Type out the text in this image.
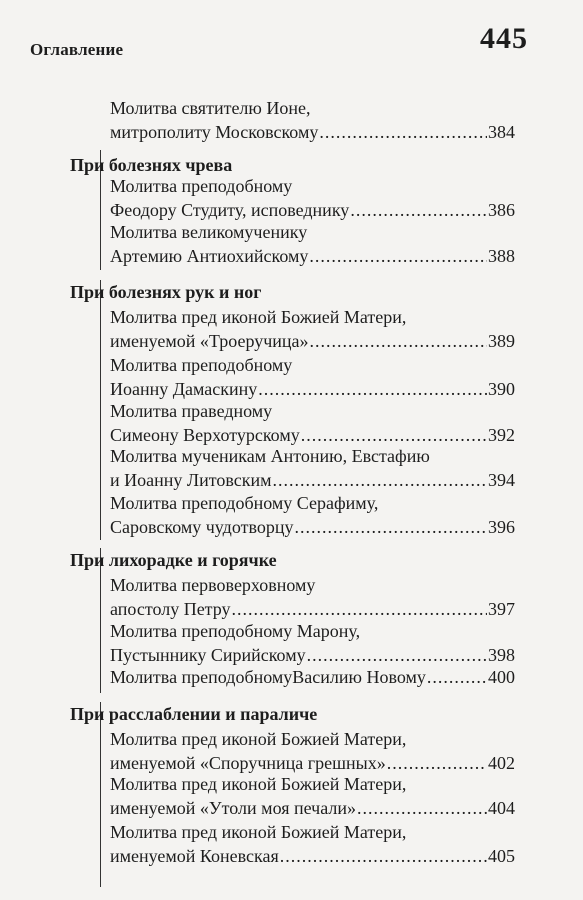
Оглавление	445
Молитва святителю Ионе,
митрополиту Московскому .....	384
При болезнях чрева
Молитва преподобному
Феодору Студиту, исповеднику .....	386
Молитва великомученику
Артемию Антиохийскому .....	388
При болезнях рук и ног
Молитва пред иконой Божией Матери,
именуемой «Троеручица» .....	389
Молитва преподобному
Иоанну Дамаскину .....	390
Молитва праведному
Симеону Верхотурскому .....	392
Молитва мученикам Антонию, Евстафию
и Иоанну Литовским .....	394
Молитва преподобному Серафиму,
Саровскому чудотворцу .....	396
При лихорадке и горячке
Молитва первоверховному
апостолу Петру .....	397
Молитва преподобному Марону,
Пустыннику Сирийскому .....	398
Молитва преподобномуВасилию Новому .....	400
При расслаблении и параличе
Молитва пред иконой Божией Матери,
именуемой «Споручница грешных» .....	402
Молитва пред иконой Божией Матери,
именуемой «Утоли моя печали» .....	404
Молитва пред иконой Божией Матери,
именуемой Коневская .....	405
